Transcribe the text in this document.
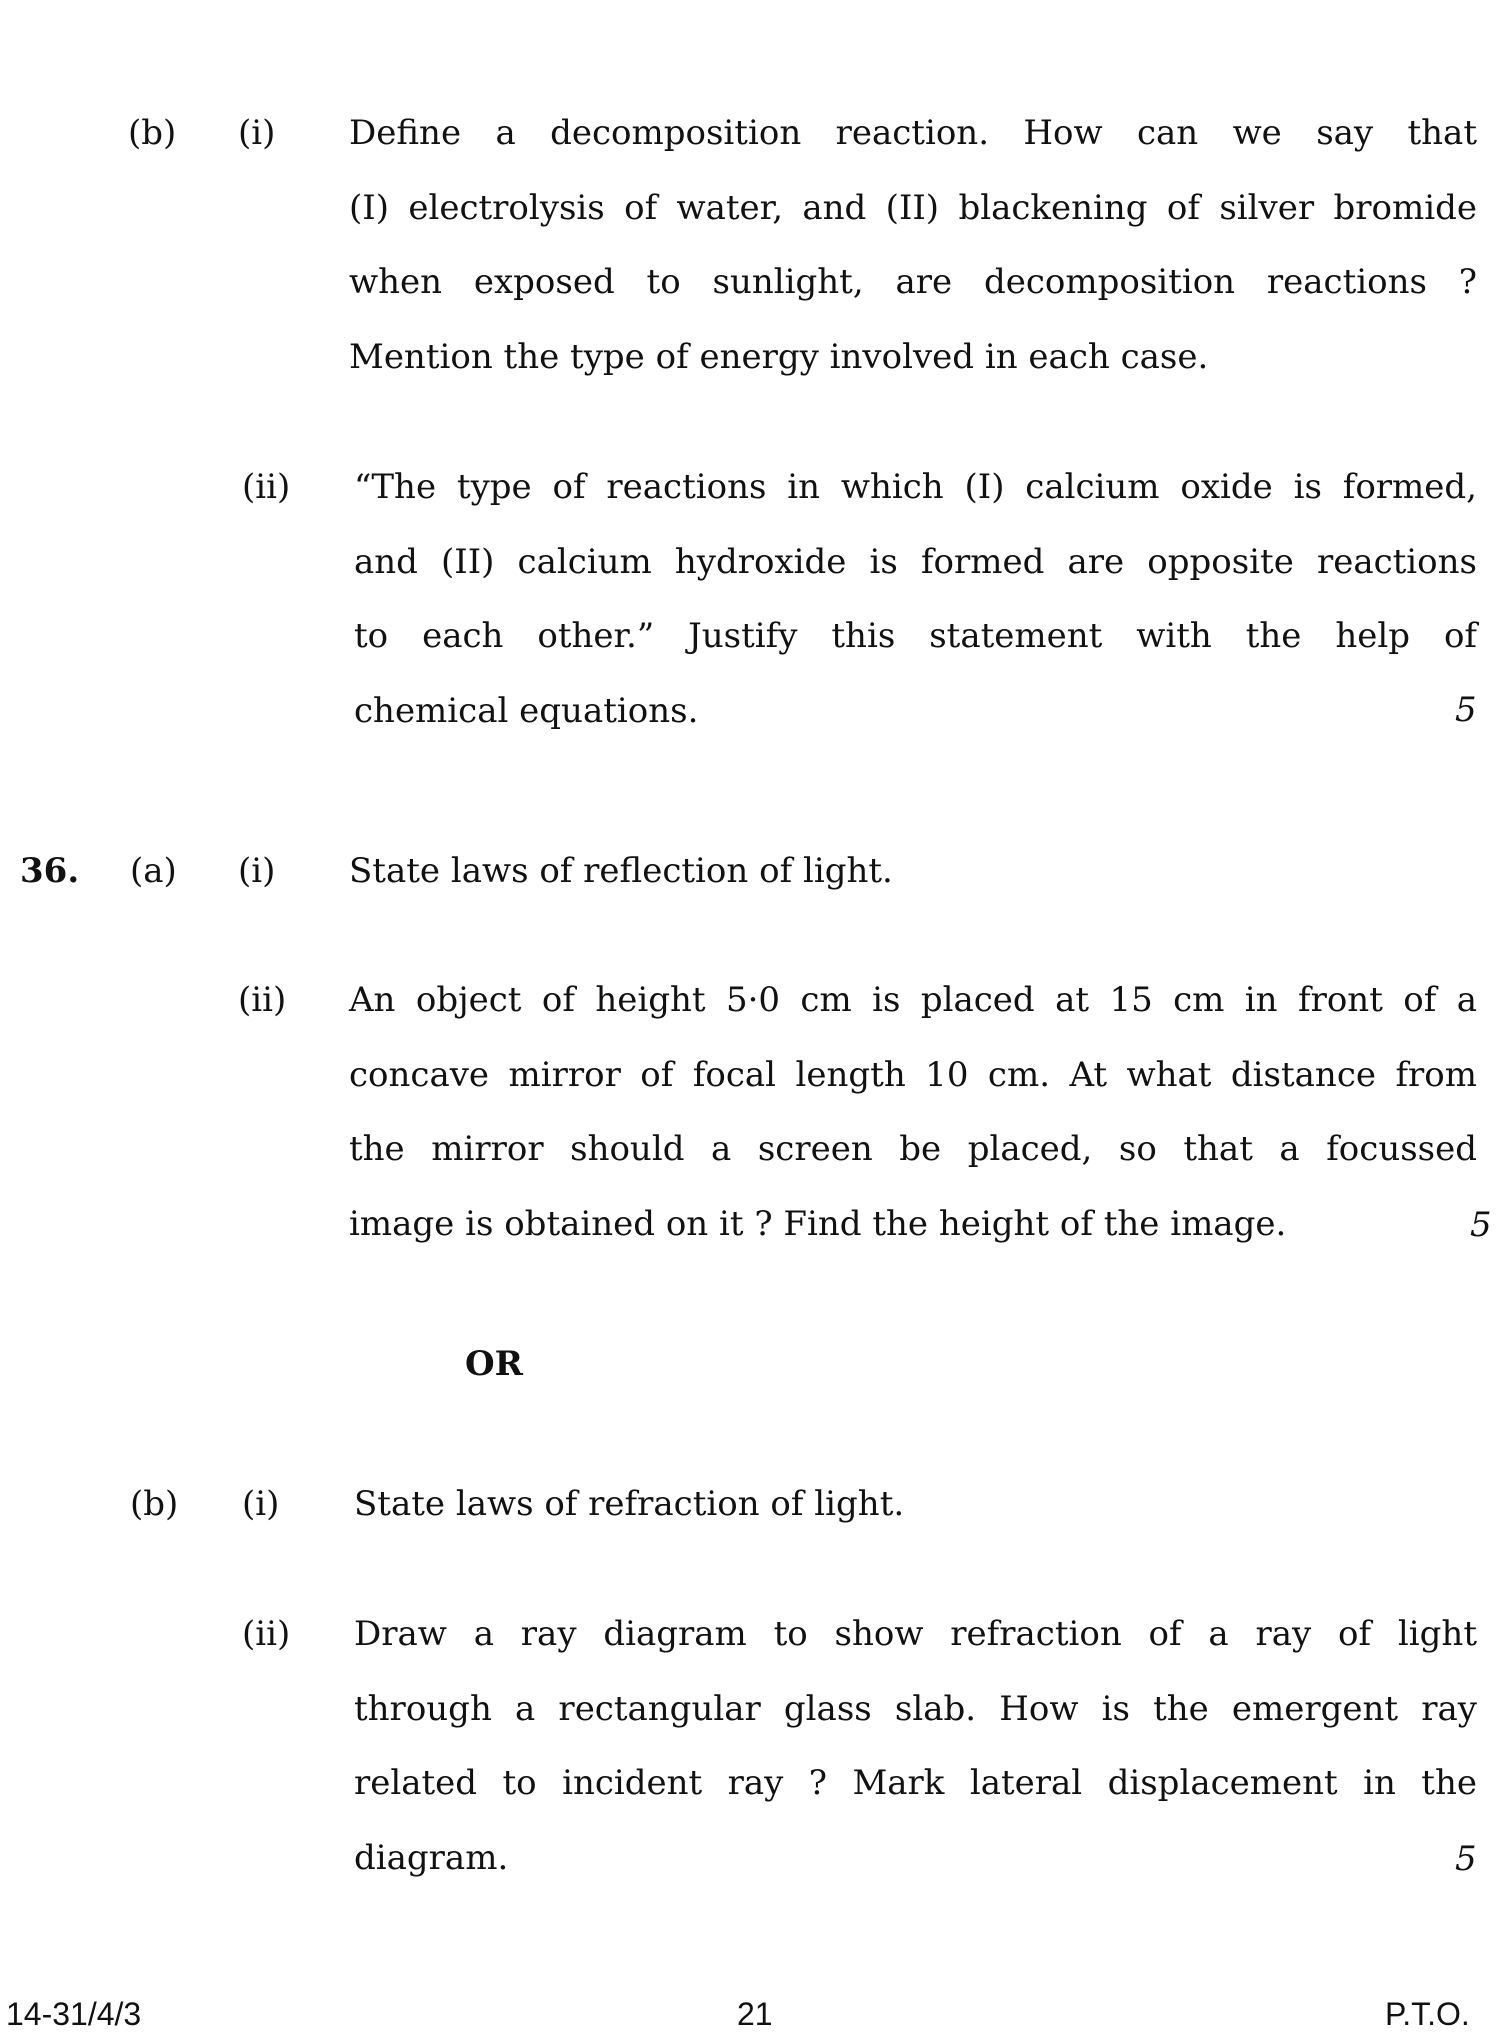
(b) (i) Define a decomposition reaction. How can we say that
(I) electrolysis of water, and (II) blackening of silver bromide
when exposed to sunlight, are decomposition reactions ?
Mention the type of energy involved in each case.
(ii) “The type of reactions in which (I) calcium oxide is formed,
and (II) calcium hydroxide is formed are opposite reactions
to each other.” Justify this statement with the help of
chemical equations.	5
36. (a) (i) State laws of reflection of light.
(ii) An object of height 5·0 cm is placed at 15 cm in front of a
concave mirror of focal length 10 cm. At what distance from
the mirror should a screen be placed, so that a focussed
image is obtained on it ? Find the height of the image.	5
OR
(b) (i) State laws of refraction of light.
(ii) Draw a ray diagram to show refraction of a ray of light
through a rectangular glass slab. How is the emergent ray
related to incident ray ? Mark lateral displacement in the
diagram.	5
14-31/4/3	21	P.T.O.
